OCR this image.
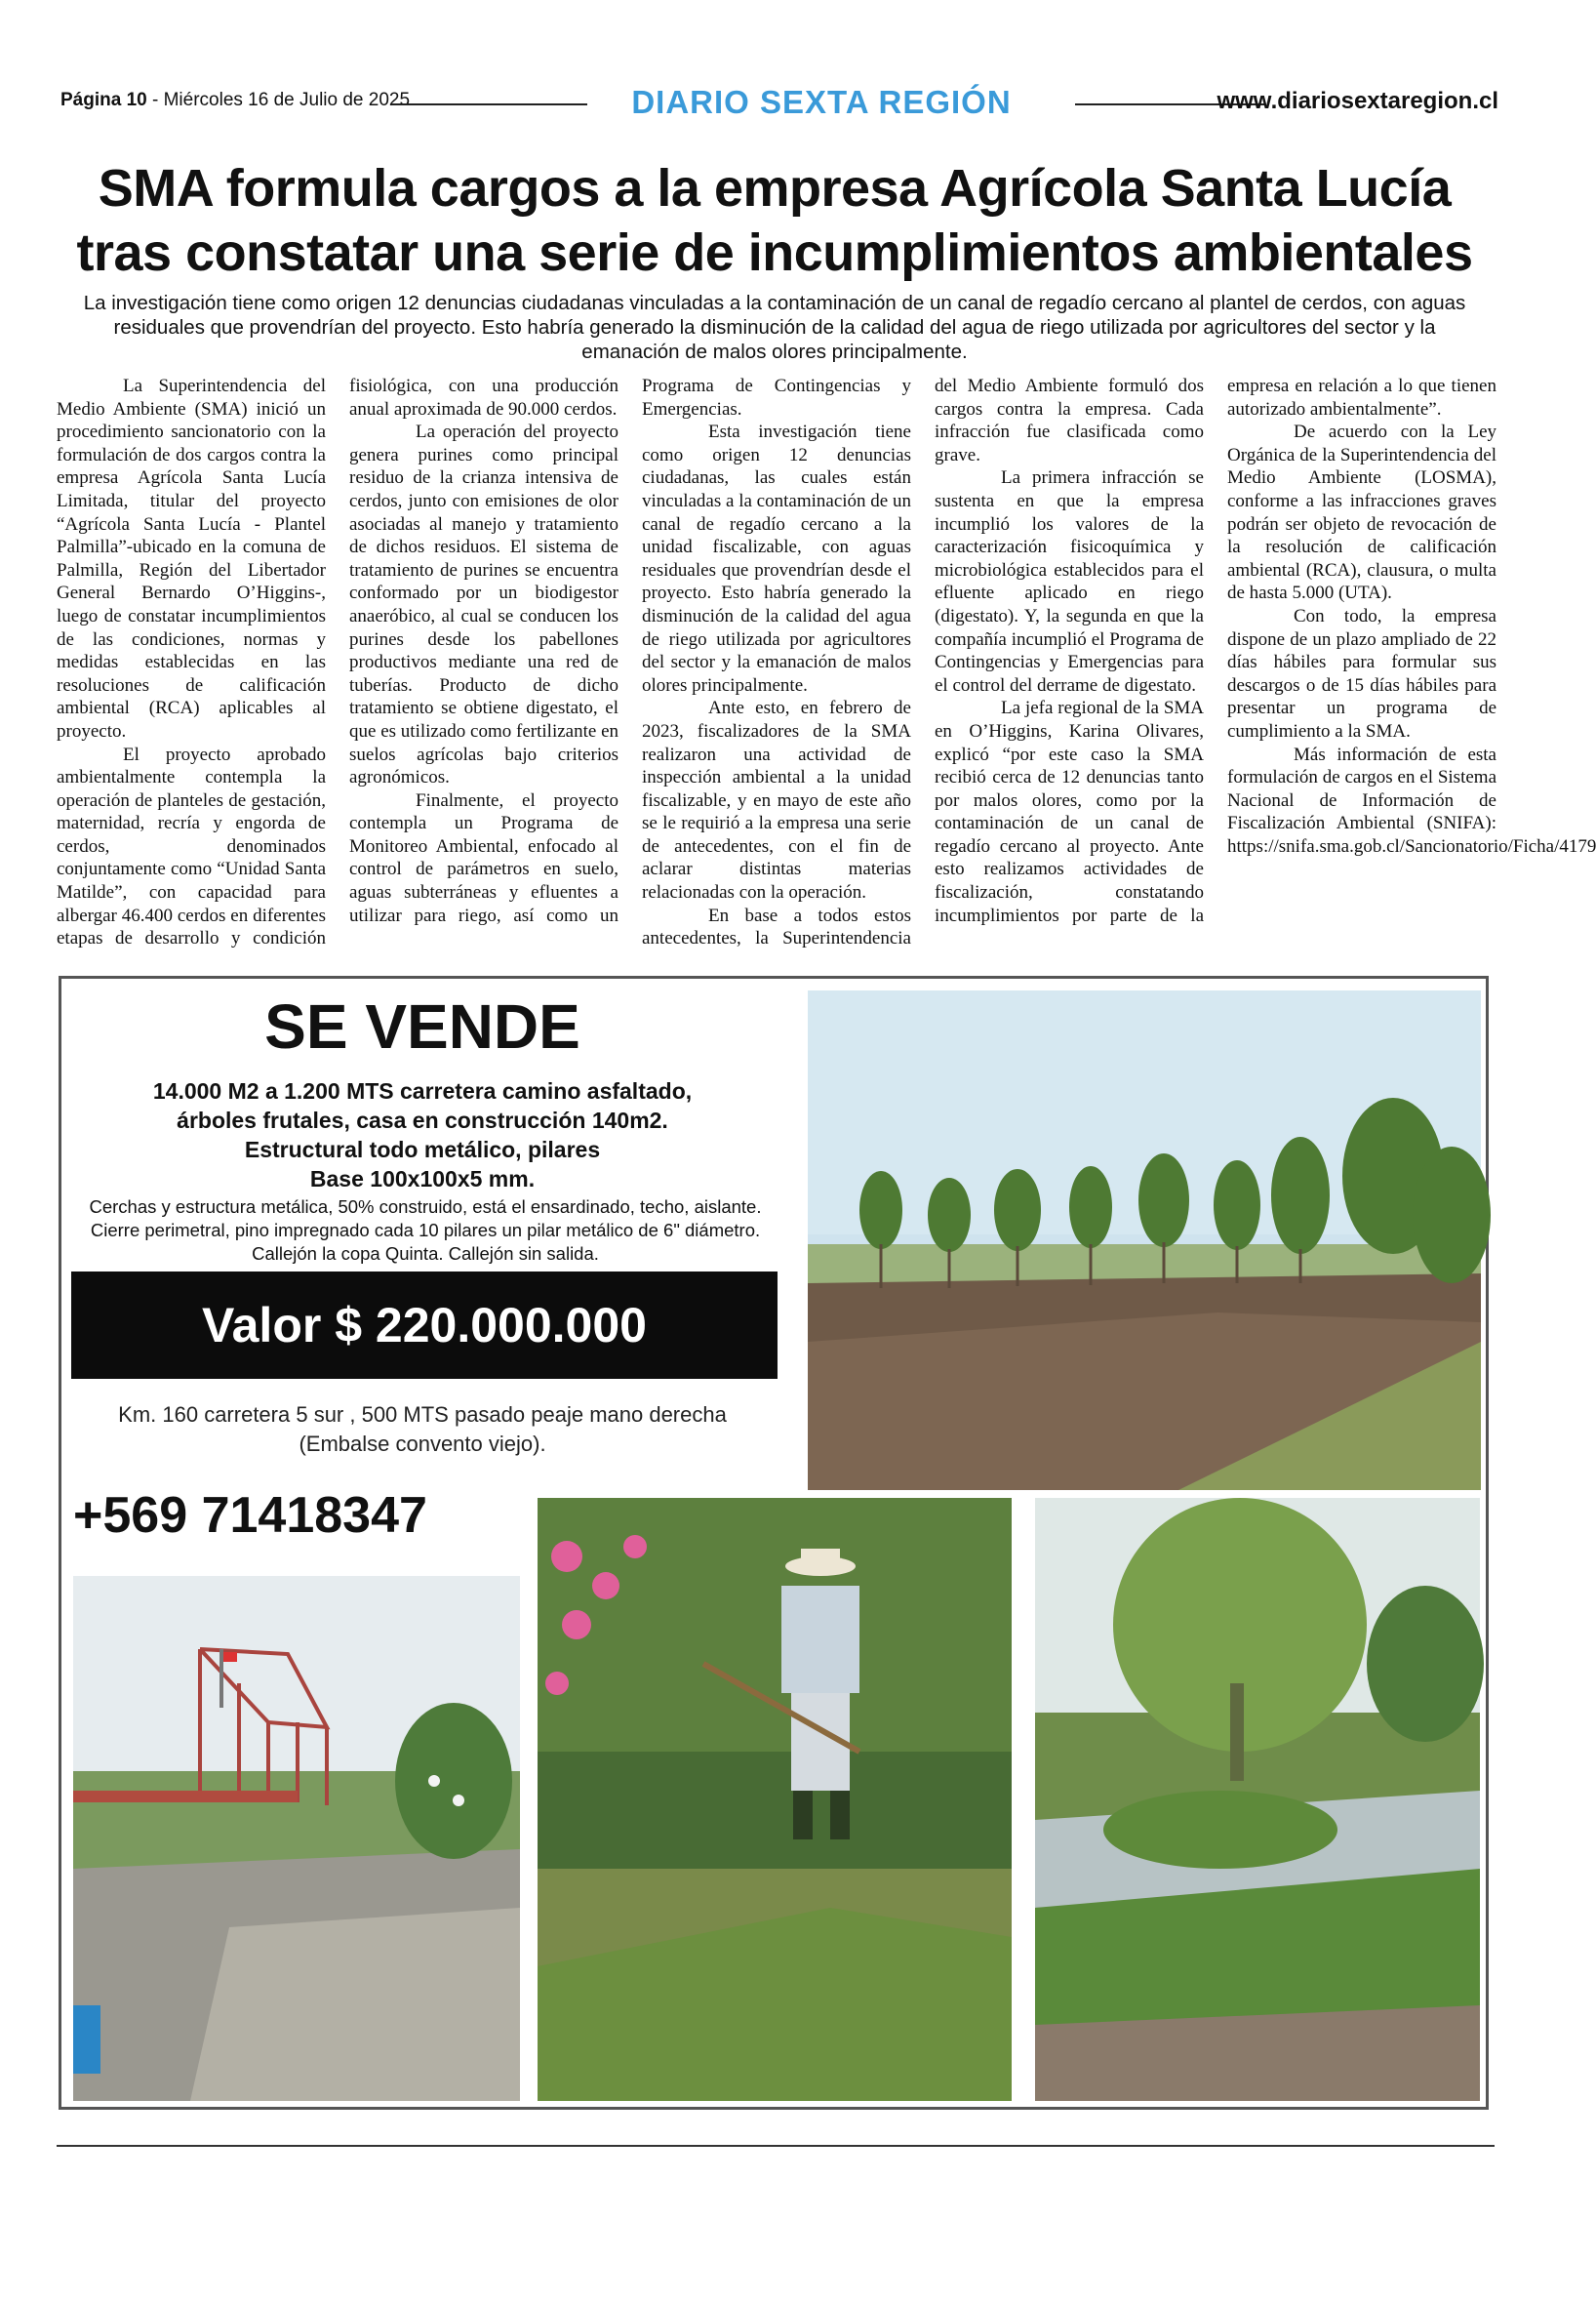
Página 10 - Miércoles 16 de Julio de 2025	DIARIO SEXTA REGIÓN	www.diariosextaregion.cl
SMA formula cargos a la empresa Agrícola Santa Lucía
tras constatar una serie de incumplimientos ambientales
La investigación tiene como origen 12 denuncias ciudadanas vinculadas a la contaminación de un canal de regadío cercano al plantel de cerdos, con aguas residuales que provendrían del proyecto. Esto habría generado la disminución de la calidad del agua de riego utilizada por agricultores del sector y la emanación de malos olores principalmente.

La Superintendencia del Medio Ambiente (SMA) inició un procedimiento sancionatorio con la formulación de dos cargos contra la empresa Agrícola Santa Lucía Limitada, titular del proyecto “Agrícola Santa Lucía - Plantel Palmilla”-ubicado en la comuna de Palmilla, Región del Libertador General Bernardo O’Higgins-, luego de constatar incumplimientos de las condiciones, normas y medidas establecidas en las resoluciones de calificación ambiental (RCA) aplicables al proyecto.

El proyecto aprobado ambientalmente contempla la operación de planteles de gestación, maternidad, recría y engorda de cerdos, denominados conjuntamente como “Unidad Santa Matilde”, con capacidad para albergar 46.400 cerdos en diferentes etapas de desarrollo y condición fisiológica, con una producción anual aproximada de 90.000 cerdos.

La operación del proyecto genera purines como principal residuo de la crianza intensiva de cerdos, junto con emisiones de olor asociadas al manejo y tratamiento de dichos residuos. El sistema de tratamiento de purines se encuentra conformado por un biodigestor anaeróbico, al cual se conducen los purines desde los pabellones productivos mediante una red de tuberías. Producto de dicho tratamiento se obtiene digestato, el que es utilizado como fertilizante en suelos agrícolas bajo criterios agronómicos.

Finalmente, el proyecto contempla un Programa de Monitoreo Ambiental, enfocado al control de parámetros en suelo, aguas subterráneas y efluentes a utilizar para riego, así como un Programa de Contingencias y Emergencias.

Esta investigación tiene como origen 12 denuncias ciudadanas, las cuales están vinculadas a la contaminación de un canal de regadío cercano a la unidad fiscalizable, con aguas residuales que provendrían desde el proyecto. Esto habría generado la disminución de la calidad del agua de riego utilizada por agricultores del sector y la emanación de malos olores principalmente.

Ante esto, en febrero de 2023, fiscalizadores de la SMA realizaron una actividad de inspección ambiental a la unidad fiscalizable, y en mayo de este año se le requirió a la empresa una serie de antecedentes, con el fin de aclarar distintas materias relacionadas con la operación.

En base a todos estos antecedentes, la Superintendencia del Medio Ambiente formuló dos cargos contra la empresa. Cada infracción fue clasificada como grave.

La primera infracción se sustenta en que la empresa incumplió los valores de la caracterización fisicoquímica y microbiológica establecidos para el efluente aplicado en riego (digestato). Y, la segunda en que la compañía incumplió el Programa de Contingencias y Emergencias para el control del derrame de digestato.

La jefa regional de la SMA en O’Higgins, Karina Olivares, explicó “por este caso la SMA recibió cerca de 12 denuncias tanto por malos olores, como por la contaminación de un canal de regadío cercano al proyecto. Ante esto realizamos actividades de fiscalización, constatando incumplimientos por parte de la empresa en relación a lo que tienen autorizado ambientalmente”.

De acuerdo con la Ley Orgánica de la Superintendencia del Medio Ambiente (LOSMA), conforme a las infracciones graves podrán ser objeto de revocación de la resolución de calificación ambiental (RCA), clausura, o multa de hasta 5.000 (UTA).

Con todo, la empresa dispone de un plazo ampliado de 22 días hábiles para formular sus descargos o de 15 días hábiles para presentar un programa de cumplimiento a la SMA.

Más información de esta formulación de cargos en el Sistema Nacional de Información de Fiscalización Ambiental (SNIFA): https://snifa.sma.gob.cl/Sancionatorio/Ficha/4179

SE VENDE
14.000 M2 a 1.200 MTS carretera camino asfaltado,
árboles frutales, casa en construcción 140m2.
Estructural todo metálico, pilares
Base 100x100x5 mm.
Cerchas y estructura metálica, 50% construido, está el ensardinado, techo, aislante. Cierre perimetral, pino impregnado cada 10 pilares un pilar metálico de 6" diámetro. Callejón la copa Quinta. Callejón sin salida.
Valor $ 220.000.000
Km. 160 carretera 5 sur , 500 MTS pasado peaje mano derecha (Embalse convento viejo).
+569 71418347
